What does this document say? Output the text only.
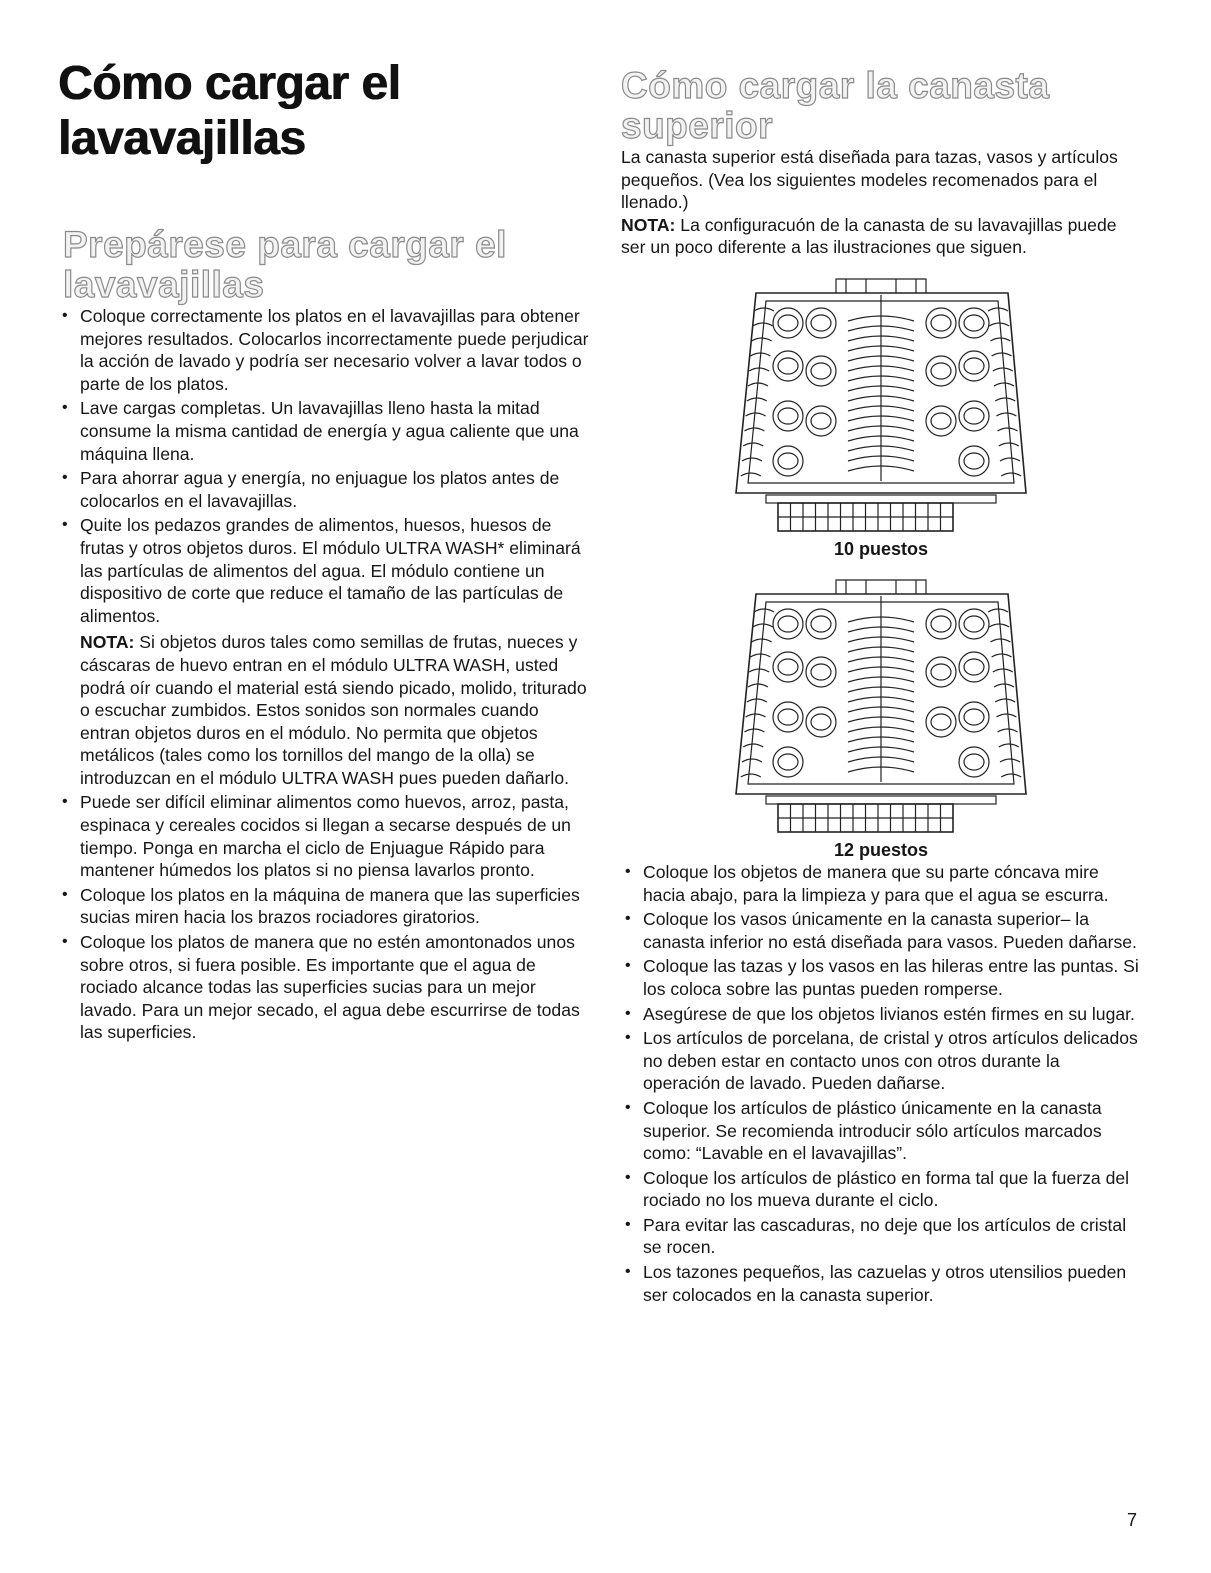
Cómo cargar el lavavajillas
Prepárese para cargar el lavavajillas
• Coloque correctamente los platos en el lavavajillas para obtener mejores resultados. Colocarlos incorrectamente puede perjudicar la acción de lavado y podría ser necesario volver a lavar todos o parte de los platos.
• Lave cargas completas. Un lavavajillas lleno hasta la mitad consume la misma cantidad de energía y agua caliente que una máquina llena.
• Para ahorrar agua y energía, no enjuague los platos antes de colocarlos en el lavavajillas.
• Quite los pedazos grandes de alimentos, huesos, huesos de frutas y otros objetos duros. El módulo ULTRA WASH* eliminará las partículas de alimentos del agua. El módulo contiene un dispositivo de corte que reduce el tamaño de las partículas de alimentos.
NOTA: Si objetos duros tales como semillas de frutas, nueces y cáscaras de huevo entran en el módulo ULTRA WASH, usted podrá oír cuando el material está siendo picado, molido, triturado o escuchar zumbidos. Estos sonidos son normales cuando entran objetos duros en el módulo. No permita que objetos metálicos (tales como los tornillos del mango de la olla) se introduzcan en el módulo ULTRA WASH pues pueden dañarlo.
• Puede ser difícil eliminar alimentos como huevos, arroz, pasta, espinaca y cereales cocidos si llegan a secarse después de un tiempo. Ponga en marcha el ciclo de Enjuague Rápido para mantener húmedos los platos si no piensa lavarlos pronto.
• Coloque los platos en la máquina de manera que las superficies sucias miren hacia los brazos rociadores giratorios.
• Coloque los platos de manera que no estén amontonados unos sobre otros, si fuera posible. Es importante que el agua de rociado alcance todas las superficies sucias para un mejor lavado. Para un mejor secado, el agua debe escurrirse de todas las superficies.
Cómo cargar la canasta superior

La canasta superior está diseñada para tazas, vasos y artículos pequeños. (Vea los siguientes modeles recomenados para el llenado.)

NOTA: La configuracuón de la canasta de su lavavajillas puede ser un poco diferente a las ilustraciones que siguen.

10 puestos
12 puestos
• Coloque los objetos de manera que su parte cóncava mire hacia abajo, para la limpieza y para que el agua se escurra.
• Coloque los vasos únicamente en la canasta superior– la canasta inferior no está diseñada para vasos. Pueden dañarse.
• Coloque las tazas y los vasos en las hileras entre las puntas. Si los coloca sobre las puntas pueden romperse.
• Asegúrese de que los objetos livianos estén firmes en su lugar.
• Los artículos de porcelana, de cristal y otros artículos delicados no deben estar en contacto unos con otros durante la operación de lavado. Pueden dañarse.
• Coloque los artículos de plástico únicamente en la canasta superior. Se recomienda introducir sólo artículos marcados como: “Lavable en el lavavajillas”.
• Coloque los artículos de plástico en forma tal que la fuerza del rociado no los mueva durante el ciclo.
• Para evitar las cascaduras, no deje que los artículos de cristal se rocen.
• Los tazones pequeños, las cazuelas y otros utensilios pueden ser colocados en la canasta superior.
7
